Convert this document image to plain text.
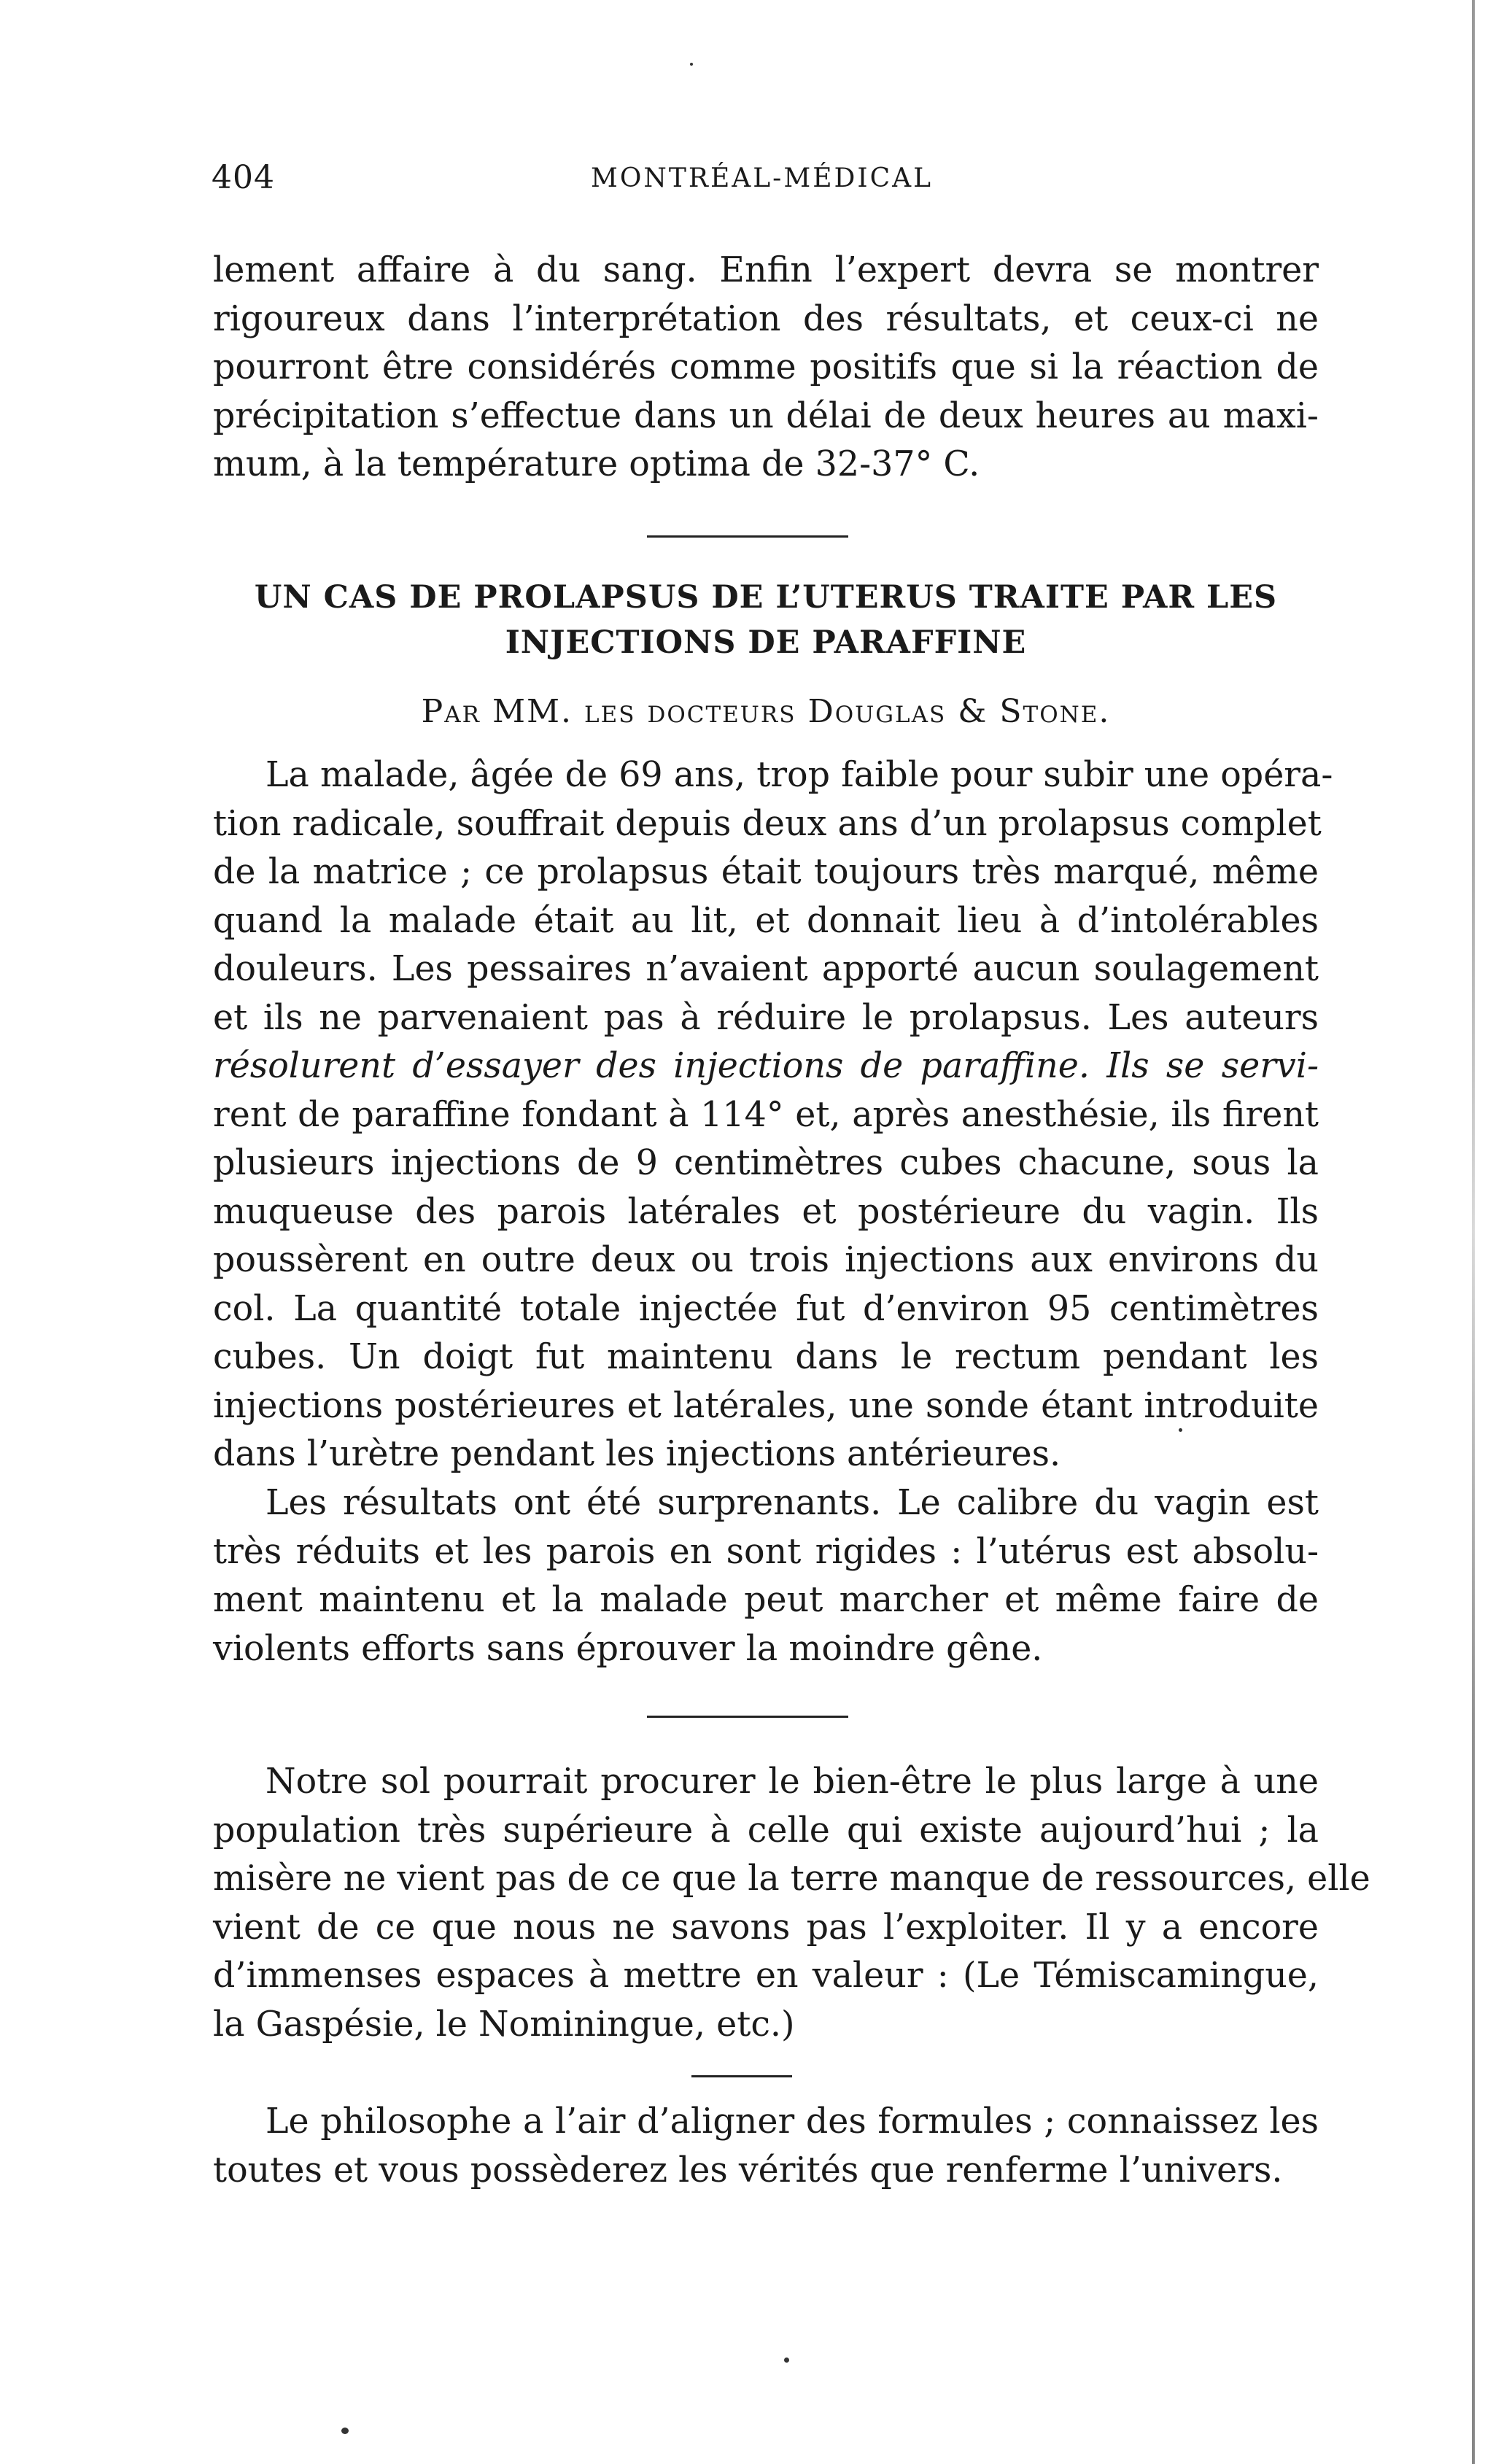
404	MONTRÉAL-MÉDICAL
lement affaire à du sang. Enfin l’expert devra se montrer
rigoureux dans l’interprétation des résultats, et ceux-ci ne
pourront être considérés comme positifs que si la réaction de
précipitation s’effectue dans un délai de deux heures au maxi-
mum, à la température optima de 32-37° C.
UN CAS DE PROLAPSUS DE L’UTERUS TRAITE PAR LES
INJECTIONS DE PARAFFINE
Par MM. les docteurs Douglas & Stone.
La malade, âgée de 69 ans, trop faible pour subir une opéra-
tion radicale, souffrait depuis deux ans d’un prolapsus complet
de la matrice ; ce prolapsus était toujours très marqué, même
quand la malade était au lit, et donnait lieu à d’intolérables
douleurs. Les pessaires n’avaient apporté aucun soulagement
et ils ne parvenaient pas à réduire le prolapsus. Les auteurs
résolurent d’essayer des injections de paraffine. Ils se servi-
rent de paraffine fondant à 114° et, après anesthésie, ils firent
plusieurs injections de 9 centimètres cubes chacune, sous la
muqueuse des parois latérales et postérieure du vagin. Ils
poussèrent en outre deux ou trois injections aux environs du
col. La quantité totale injectée fut d’environ 95 centimètres
cubes. Un doigt fut maintenu dans le rectum pendant les
injections postérieures et latérales, une sonde étant introduite
dans l’urètre pendant les injections antérieures.
Les résultats ont été surprenants. Le calibre du vagin est
très réduits et les parois en sont rigides : l’utérus est absolu-
ment maintenu et la malade peut marcher et même faire de
violents efforts sans éprouver la moindre gêne.
Notre sol pourrait procurer le bien-être le plus large à une
population très supérieure à celle qui existe aujourd’hui ; la
misère ne vient pas de ce que la terre manque de ressources, elle
vient de ce que nous ne savons pas l’exploiter. Il y a encore
d’immenses espaces à mettre en valeur : (Le Témiscamingue,
la Gaspésie, le Nominingue, etc.)
Le philosophe a l’air d’aligner des formules ; connaissez les
toutes et vous possèderez les vérités que renferme l’univers.
